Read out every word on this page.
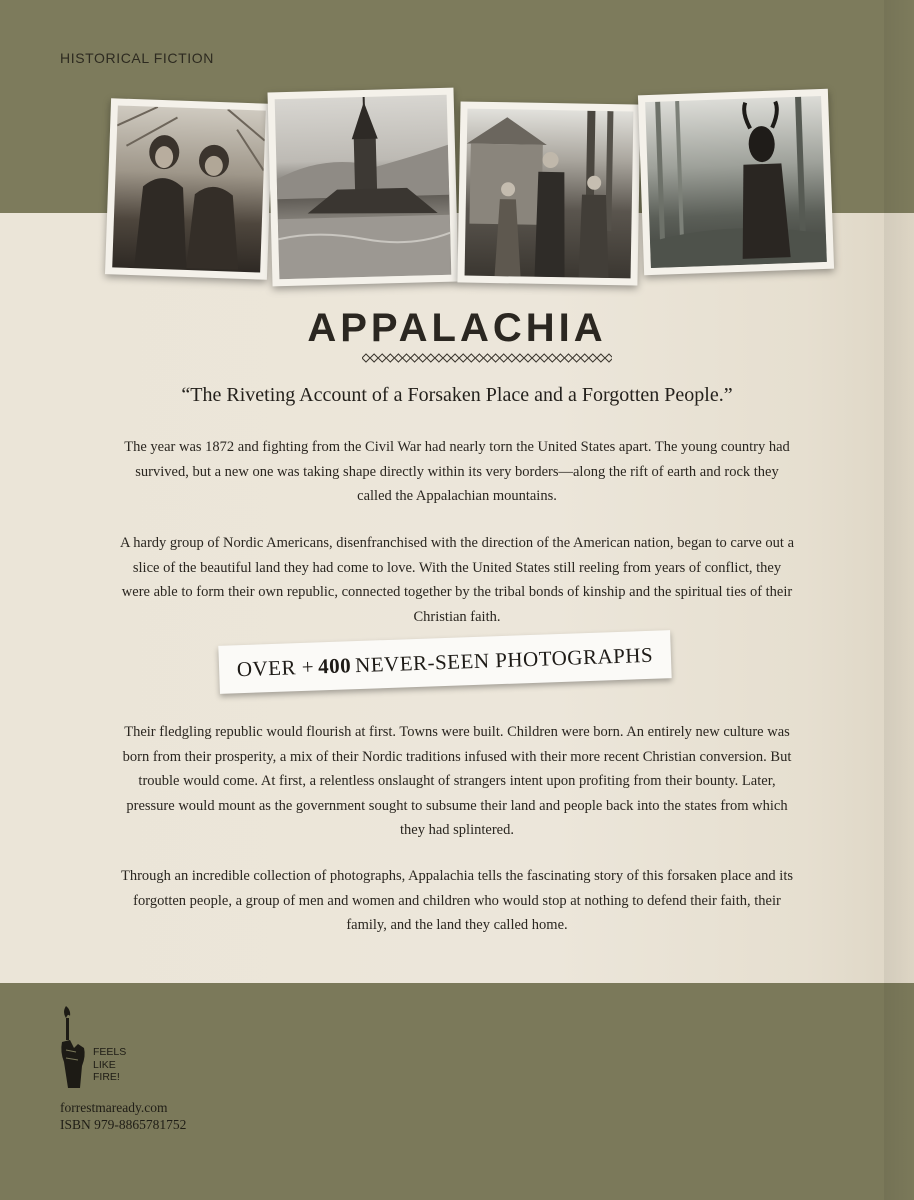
HISTORICAL FICTION
APPALACHIA
“The Riveting Account of a Forsaken Place and a Forgotten People.”
The year was 1872 and fighting from the Civil War had nearly torn the United States apart. The young country had survived, but a new one was taking shape directly within its very borders—along the rift of earth and rock they called the Appalachian mountains.
A hardy group of Nordic Americans, disenfranchised with the direction of the American nation, began to carve out a slice of the beautiful land they had come to love. With the United States still reeling from years of conflict, they were able to form their own republic, connected together by the tribal bonds of kinship and the spiritual ties of their Christian faith.
OVER + 400 NEVER-SEEN PHOTOGRAPHS
Their fledgling republic would flourish at first. Towns were built. Children were born. An entirely new culture was born from their prosperity, a mix of their Nordic traditions infused with their more recent Christian conversion. But trouble would come. At first, a relentless onslaught of strangers intent upon profiting from their bounty. Later, pressure would mount as the government sought to subsume their land and people back into the states from which they had splintered.
Through an incredible collection of photographs, Appalachia tells the fascinating story of this forsaken place and its forgotten people, a group of men and women and children who would stop at nothing to defend their faith, their family, and the land they called home.
FEELS
LIKE
FIRE!
forrestmaready.com
ISBN 979-8865781752
